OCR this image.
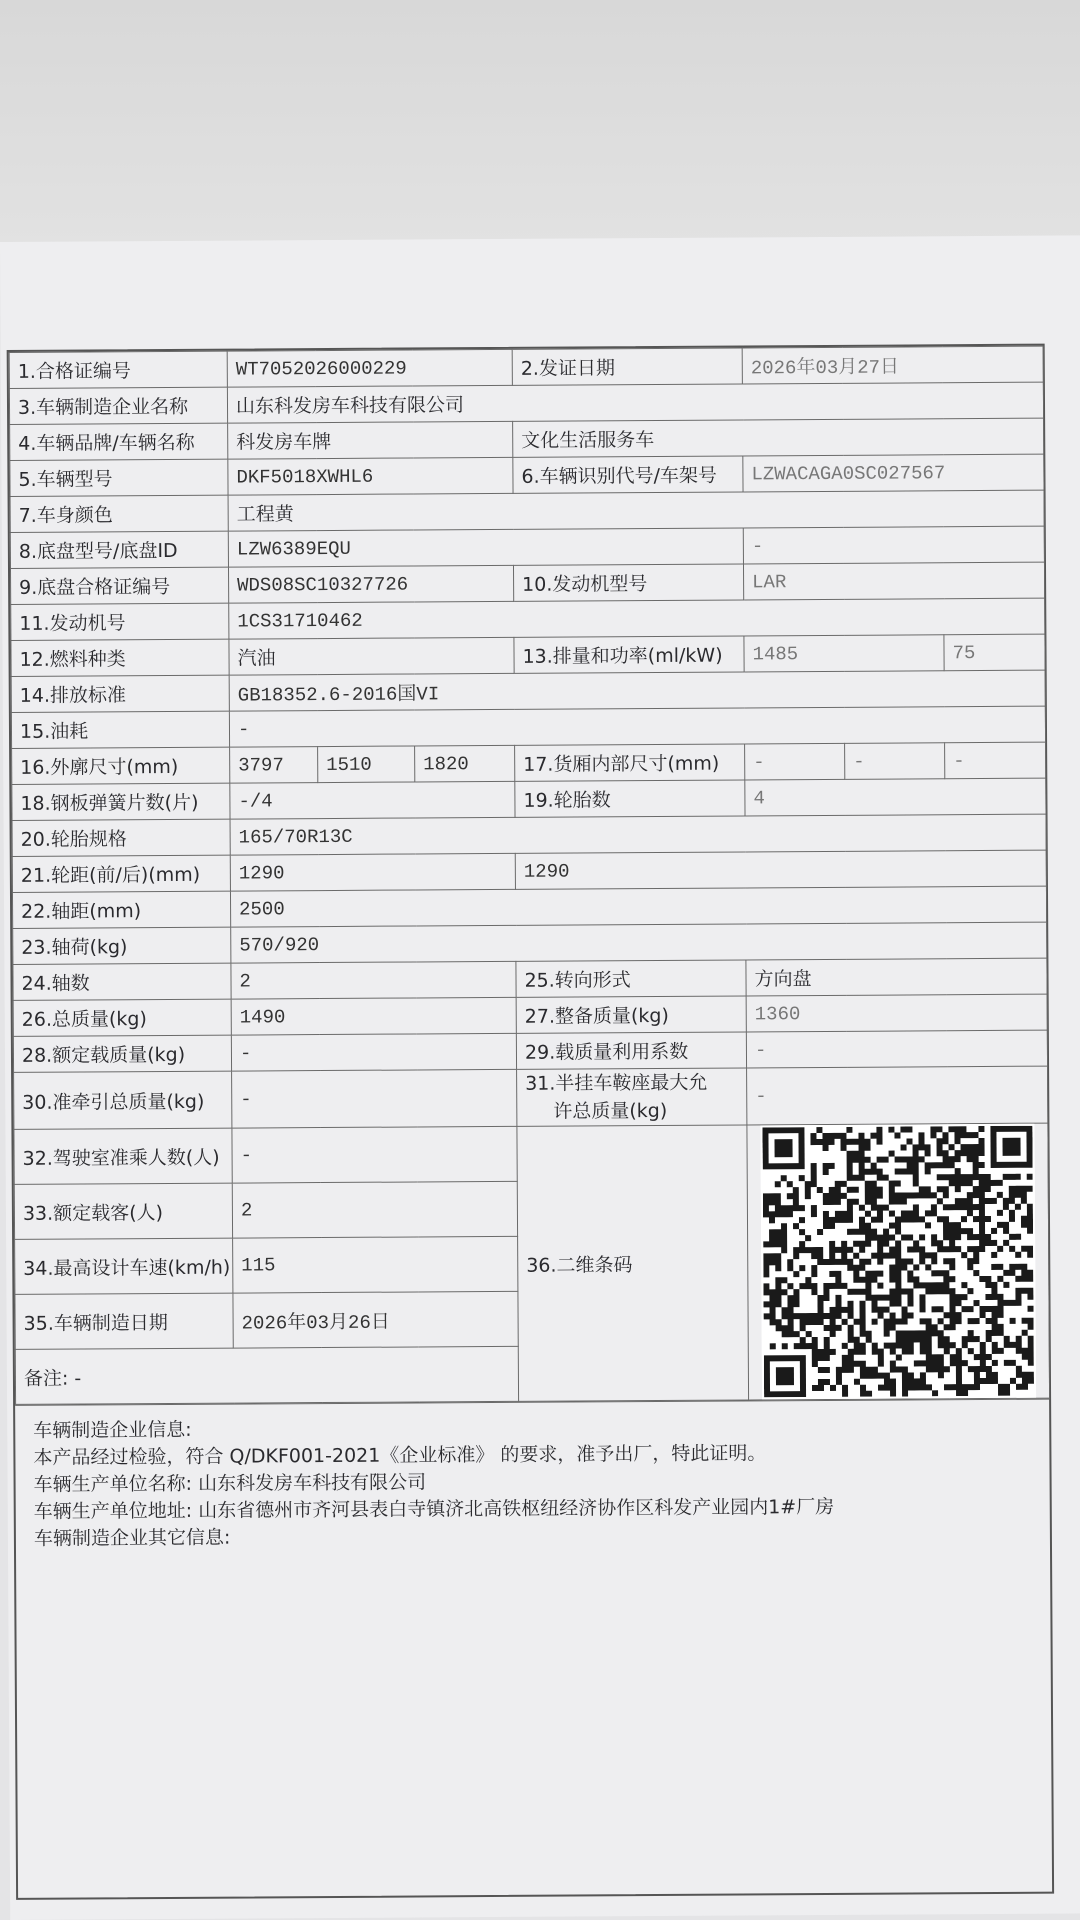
1.合格证编号	WT7052026000229			2.发证日期	2026年03月27日		
3.车辆制造企业名称	山东科发房车科技有限公司						
4.车辆品牌/车辆名称	科发房车牌			文化生活服务车			
5.车辆型号	DKF5018XWHL6			6.车辆识别代号/车架号	LZWACAGA0SC027567		
7.车身颜色	工程黄						
8.底盘型号/底盘ID	LZW6389EQU				-		
9.底盘合格证编号	WDS08SC10327726			10.发动机型号	LAR		
11.发动机号	1CS31710462						
12.燃料种类	汽油			13.排量和功率(ml/kW)	1485		75
14.排放标准	GB18352.6-2016国VI						
15.油耗	-						
16.外廓尺寸(mm)	3797	1510	1820	17.货厢内部尺寸(mm)	-	-	-
18.钢板弹簧片数(片)	-/4			19.轮胎数	4		
20.轮胎规格	165/70R13C						
21.轮距(前/后)(mm)	1290			1290			
22.轴距(mm)	2500						
23.轴荷(kg)	570/920						
24.轴数	2			25.转向形式	方向盘		
26.总质量(kg)	1490			27.整备质量(kg)	1360		
28.额定载质量(kg)	-			29.载质量利用系数	-		
30.准牵引总质量(kg)	-			31.半挂车鞍座最大允
许总质量(kg)	-		
32.驾驶室准乘人数(人)	-			36.二维条码	

33.额定载客(人)	2						
34.最高设计车速(km/h)	115						
35.车辆制造日期	2026年03月26日						
备注: -							
车辆制造企业信息:
本产品经过检验，符合 Q/DKF001-2021《企业标准》 的要求，准予出厂，特此证明。
车辆生产单位名称: 山东科发房车科技有限公司
车辆生产单位地址: 山东省德州市齐河县表白寺镇济北高铁枢纽经济协作区科发产业园内1#厂房
车辆制造企业其它信息:
